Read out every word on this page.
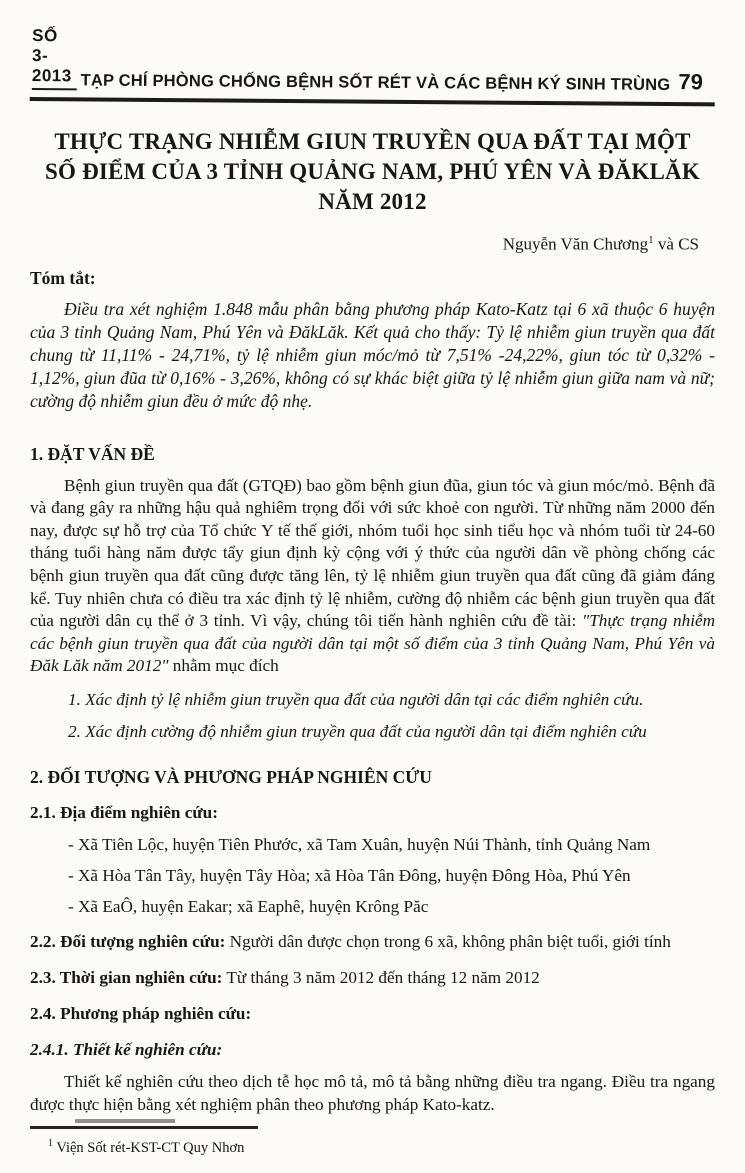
SỐ 3-2013 TẠP CHÍ PHÒNG CHỐNG BỆNH SỐT RÉT VÀ CÁC BỆNH KÝ SINH TRÙNG 79
THỰC TRẠNG NHIỄM GIUN TRUYỀN QUA ĐẤT TẠI MỘT SỐ ĐIỂM CỦA 3 TỈNH QUẢNG NAM, PHÚ YÊN VÀ ĐĂKLĂK NĂM 2012
Nguyễn Văn Chương$^1$ và CS
Tóm tắt:
Điều tra xét nghiệm 1.848 mẫu phân bằng phương pháp Kato-Katz tại 6 xã thuộc 6 huyện của 3 tỉnh Quảng Nam, Phú Yên và ĐăkLăk. Kết quả cho thấy: Tỷ lệ nhiễm giun truyền qua đất chung từ 11,11% - 24,71%, tỷ lệ nhiễm giun móc/mỏ từ 7,51% -24,22%, giun tóc từ 0,32% - 1,12%, giun đũa từ 0,16% - 3,26%, không có sự khác biệt giữa tỷ lệ nhiễm giun giữa nam và nữ; cường độ nhiễm giun đều ở mức độ nhẹ.
1. ĐẶT VẤN ĐỀ
Bệnh giun truyền qua đất (GTQĐ) bao gồm bệnh giun đũa, giun tóc và giun móc/mỏ. Bệnh đã và đang gây ra những hậu quả nghiêm trọng đối với sức khoẻ con người. Từ những năm 2000 đến nay, được sự hỗ trợ của Tổ chức Y tế thế giới, nhóm tuổi học sinh tiểu học và nhóm tuổi từ 24-60 tháng tuổi hàng năm được tẩy giun định kỳ cộng với ý thức của người dân về phòng chống các bệnh giun truyền qua đất cũng được tăng lên, tỷ lệ nhiễm giun truyền qua đất cũng đã giảm đáng kể. Tuy nhiên chưa có điều tra xác định tỷ lệ nhiễm, cường độ nhiễm các bệnh giun truyền qua đất của người dân cụ thể ở 3 tỉnh. Vì vậy, chúng tôi tiến hành nghiên cứu đề tài: "Thực trạng nhiễm các bệnh giun truyền qua đất của người dân tại một số điểm của 3 tỉnh Quảng Nam, Phú Yên và Đăk Lăk năm 2012" nhằm mục đích
1. Xác định tỷ lệ nhiễm giun truyền qua đất của người dân tại các điểm nghiên cứu.
2. Xác định cường độ nhiễm giun truyền qua đất của người dân tại điểm nghiên cứu
2. ĐỐI TƯỢNG VÀ PHƯƠNG PHÁP NGHIÊN CỨU
2.1. Địa điểm nghiên cứu:
- Xã Tiên Lộc, huyện Tiên Phước, xã Tam Xuân, huyện Núi Thành, tỉnh Quảng Nam
- Xã Hòa Tân Tây, huyện Tây Hòa; xã Hòa Tân Đông, huyện Đông Hòa, Phú Yên
- Xã EaÔ, huyện Eakar; xã Eaphê, huyện Krông Păc
2.2. Đối tượng nghiên cứu: Người dân được chọn trong 6 xã, không phân biệt tuổi, giới tính
2.3. Thời gian nghiên cứu: Từ tháng 3 năm 2012 đến tháng 12 năm 2012
2.4. Phương pháp nghiên cứu:
2.4.1. Thiết kế nghiên cứu:
Thiết kế nghiên cứu theo dịch tễ học mô tả, mô tả bằng những điều tra ngang. Điều tra ngang được thực hiện bằng xét nghiệm phân theo phương pháp Kato-katz.
$^1$ Viện Sốt rét-KST-CT Quy Nhơn
